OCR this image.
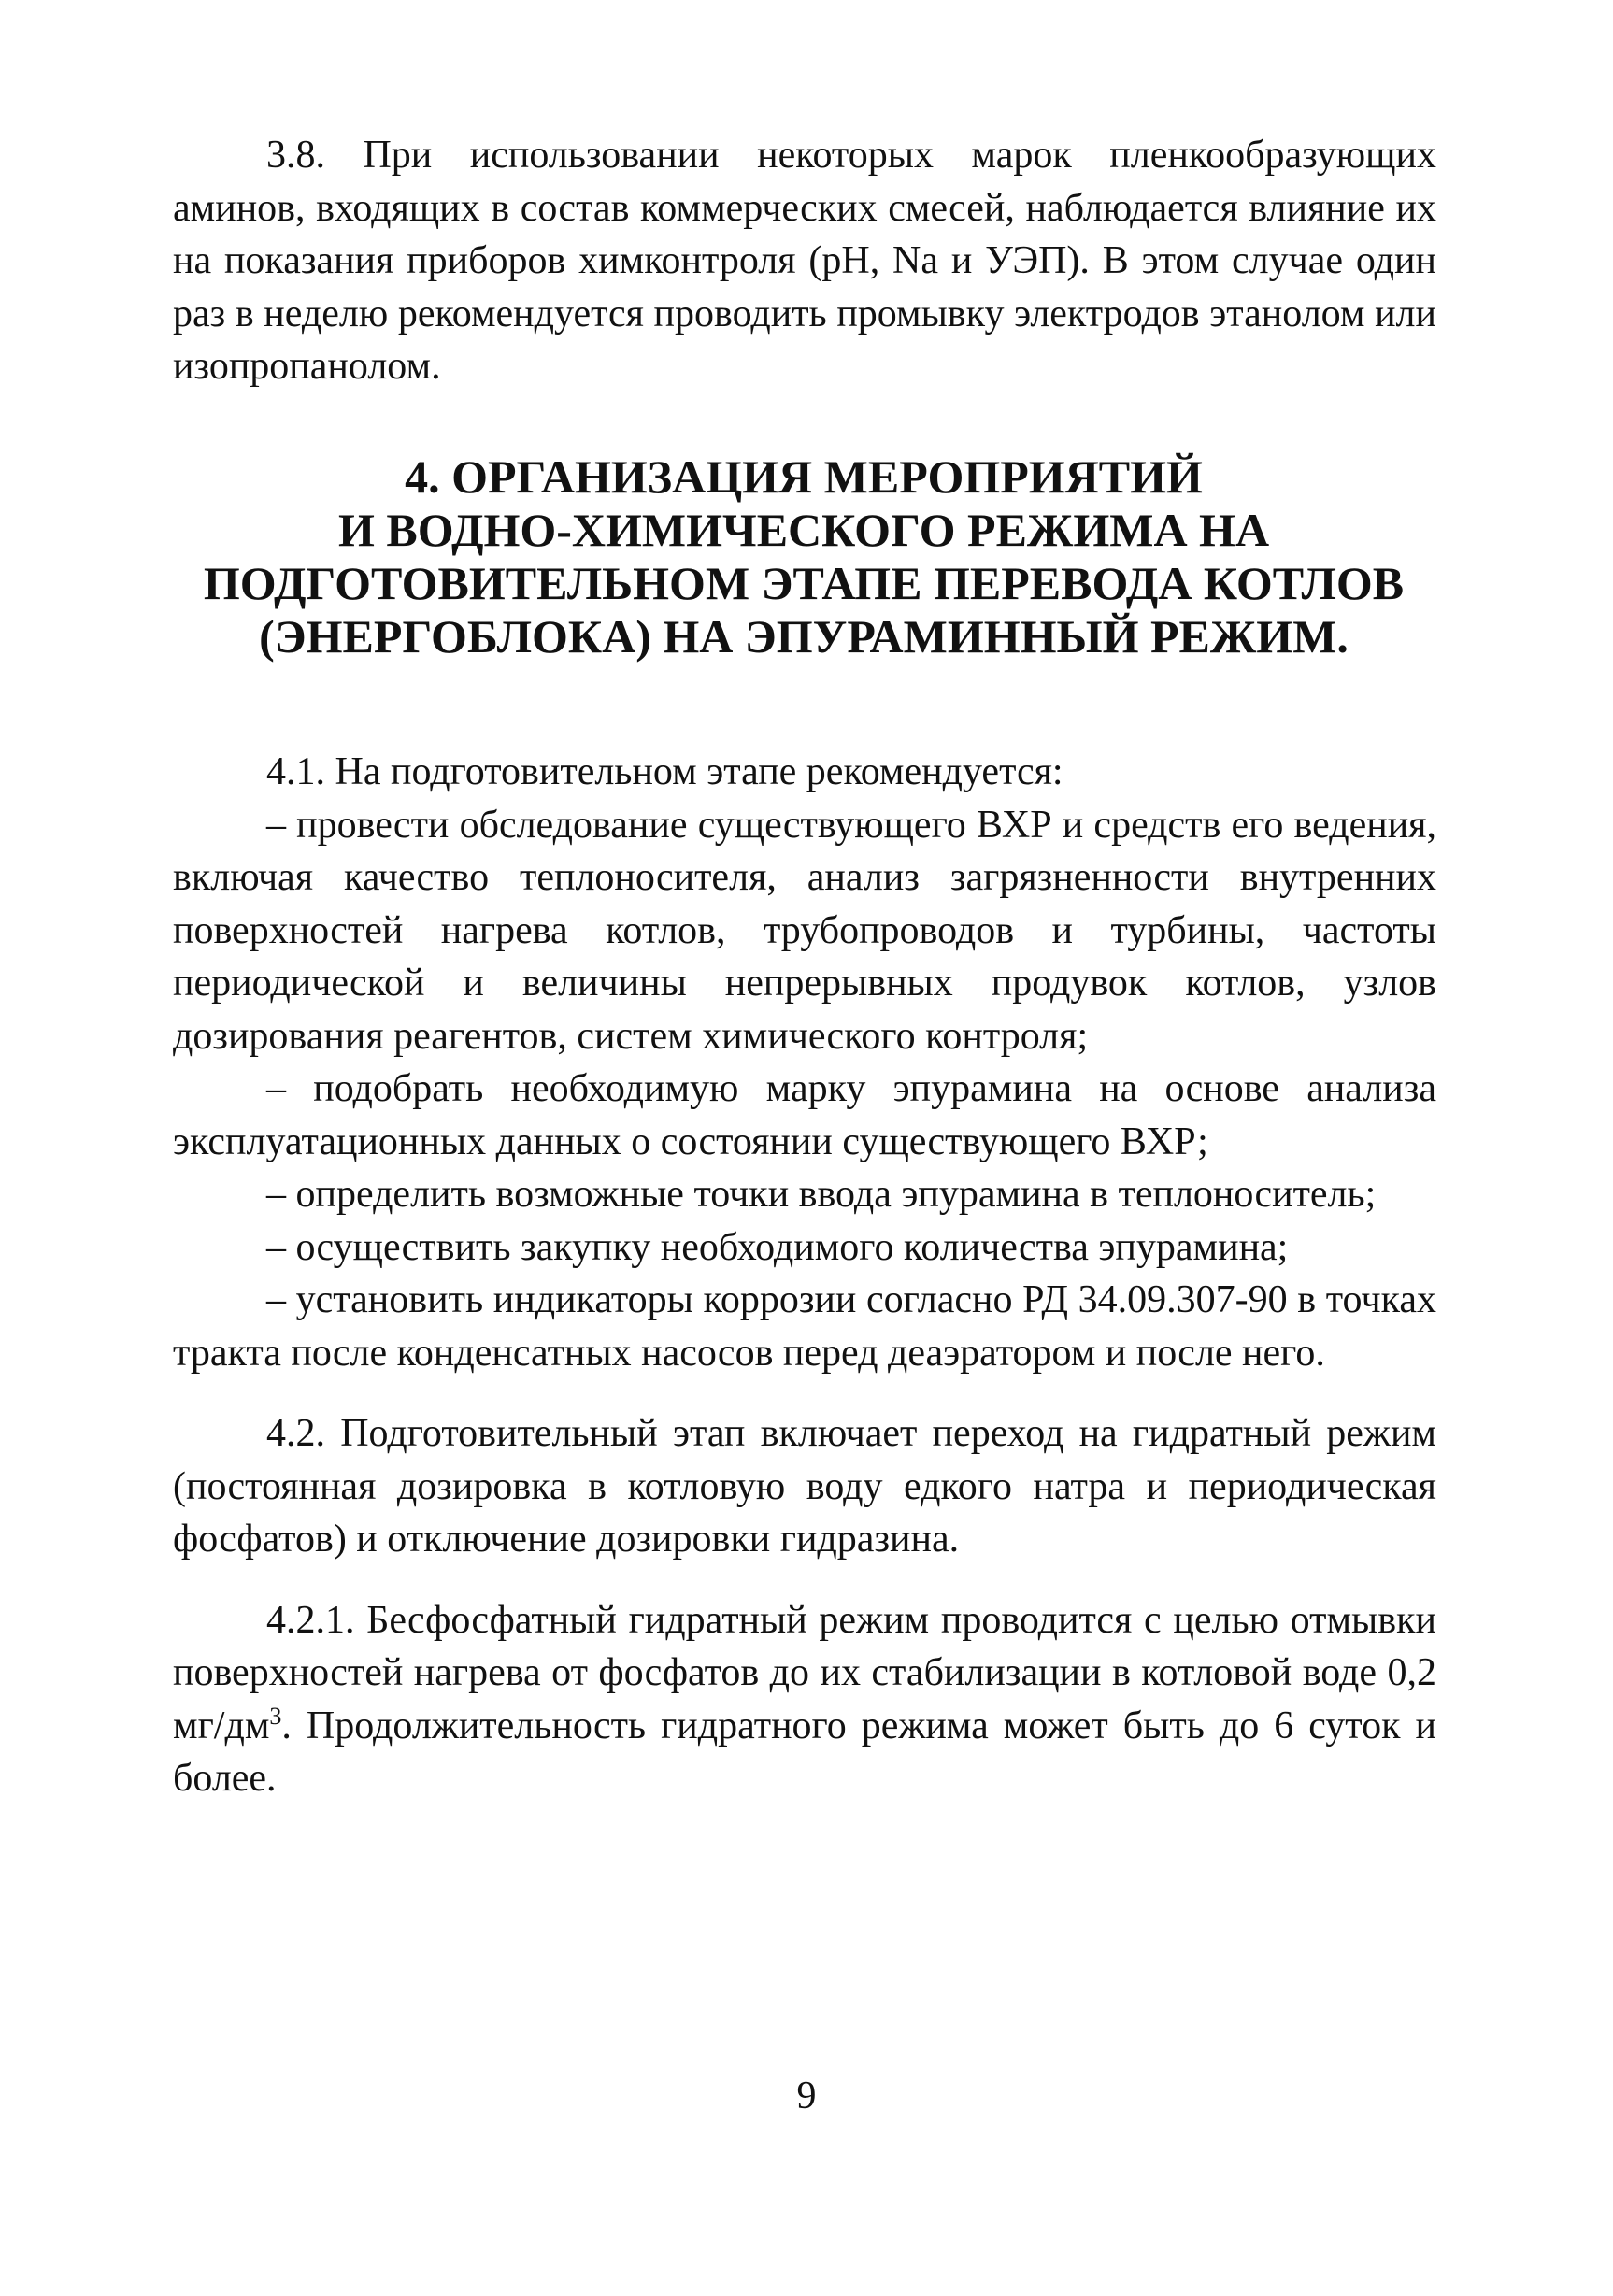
3.8. При использовании некоторых марок пленкообразующих аминов, входящих в состав коммерческих смесей, наблюдается влияние их на показания приборов химконтроля (pH, Na и УЭП). В этом случае один раз в неделю рекомендуется проводить промывку электродов этанолом или изопропанолом.

4. ОРГАНИЗАЦИЯ МЕРОПРИЯТИЙ
И ВОДНО-ХИМИЧЕСКОГО РЕЖИМА НА
ПОДГОТОВИТЕЛЬНОМ ЭТАПЕ ПЕРЕВОДА КОТЛОВ
(ЭНЕРГОБЛОКА) НА ЭПУРАМИННЫЙ РЕЖИМ.

4.1. На подготовительном этапе рекомендуется:

– провести обследование существующего ВХР и средств его ведения, включая качество теплоносителя, анализ загрязненности внутренних поверхностей нагрева котлов, трубопроводов и турбины, частоты периодической и величины непрерывных продувок котлов, узлов дозирования реагентов, систем химического контроля;

– подобрать необходимую марку эпурамина на основе анализа эксплуатационных данных о состоянии существующего ВХР;

– определить возможные точки ввода эпурамина в теплоноситель;

– осуществить закупку необходимого количества эпурамина;

– установить индикаторы коррозии согласно РД 34.09.307-90 в точках тракта после конденсатных насосов перед деаэратором и после него.

4.2. Подготовительный этап включает переход на гидратный режим (постоянная дозировка в котловую воду едкого натра и периодическая фосфатов) и отключение дозировки гидразина.

4.2.1. Бесфосфатный гидратный режим проводится с целью отмывки поверхностей нагрева от фосфатов до их стабилизации в котловой воде 0,2 $мг/дм^3$. Продолжительность гидратного режима может быть до 6 суток и более.

9
